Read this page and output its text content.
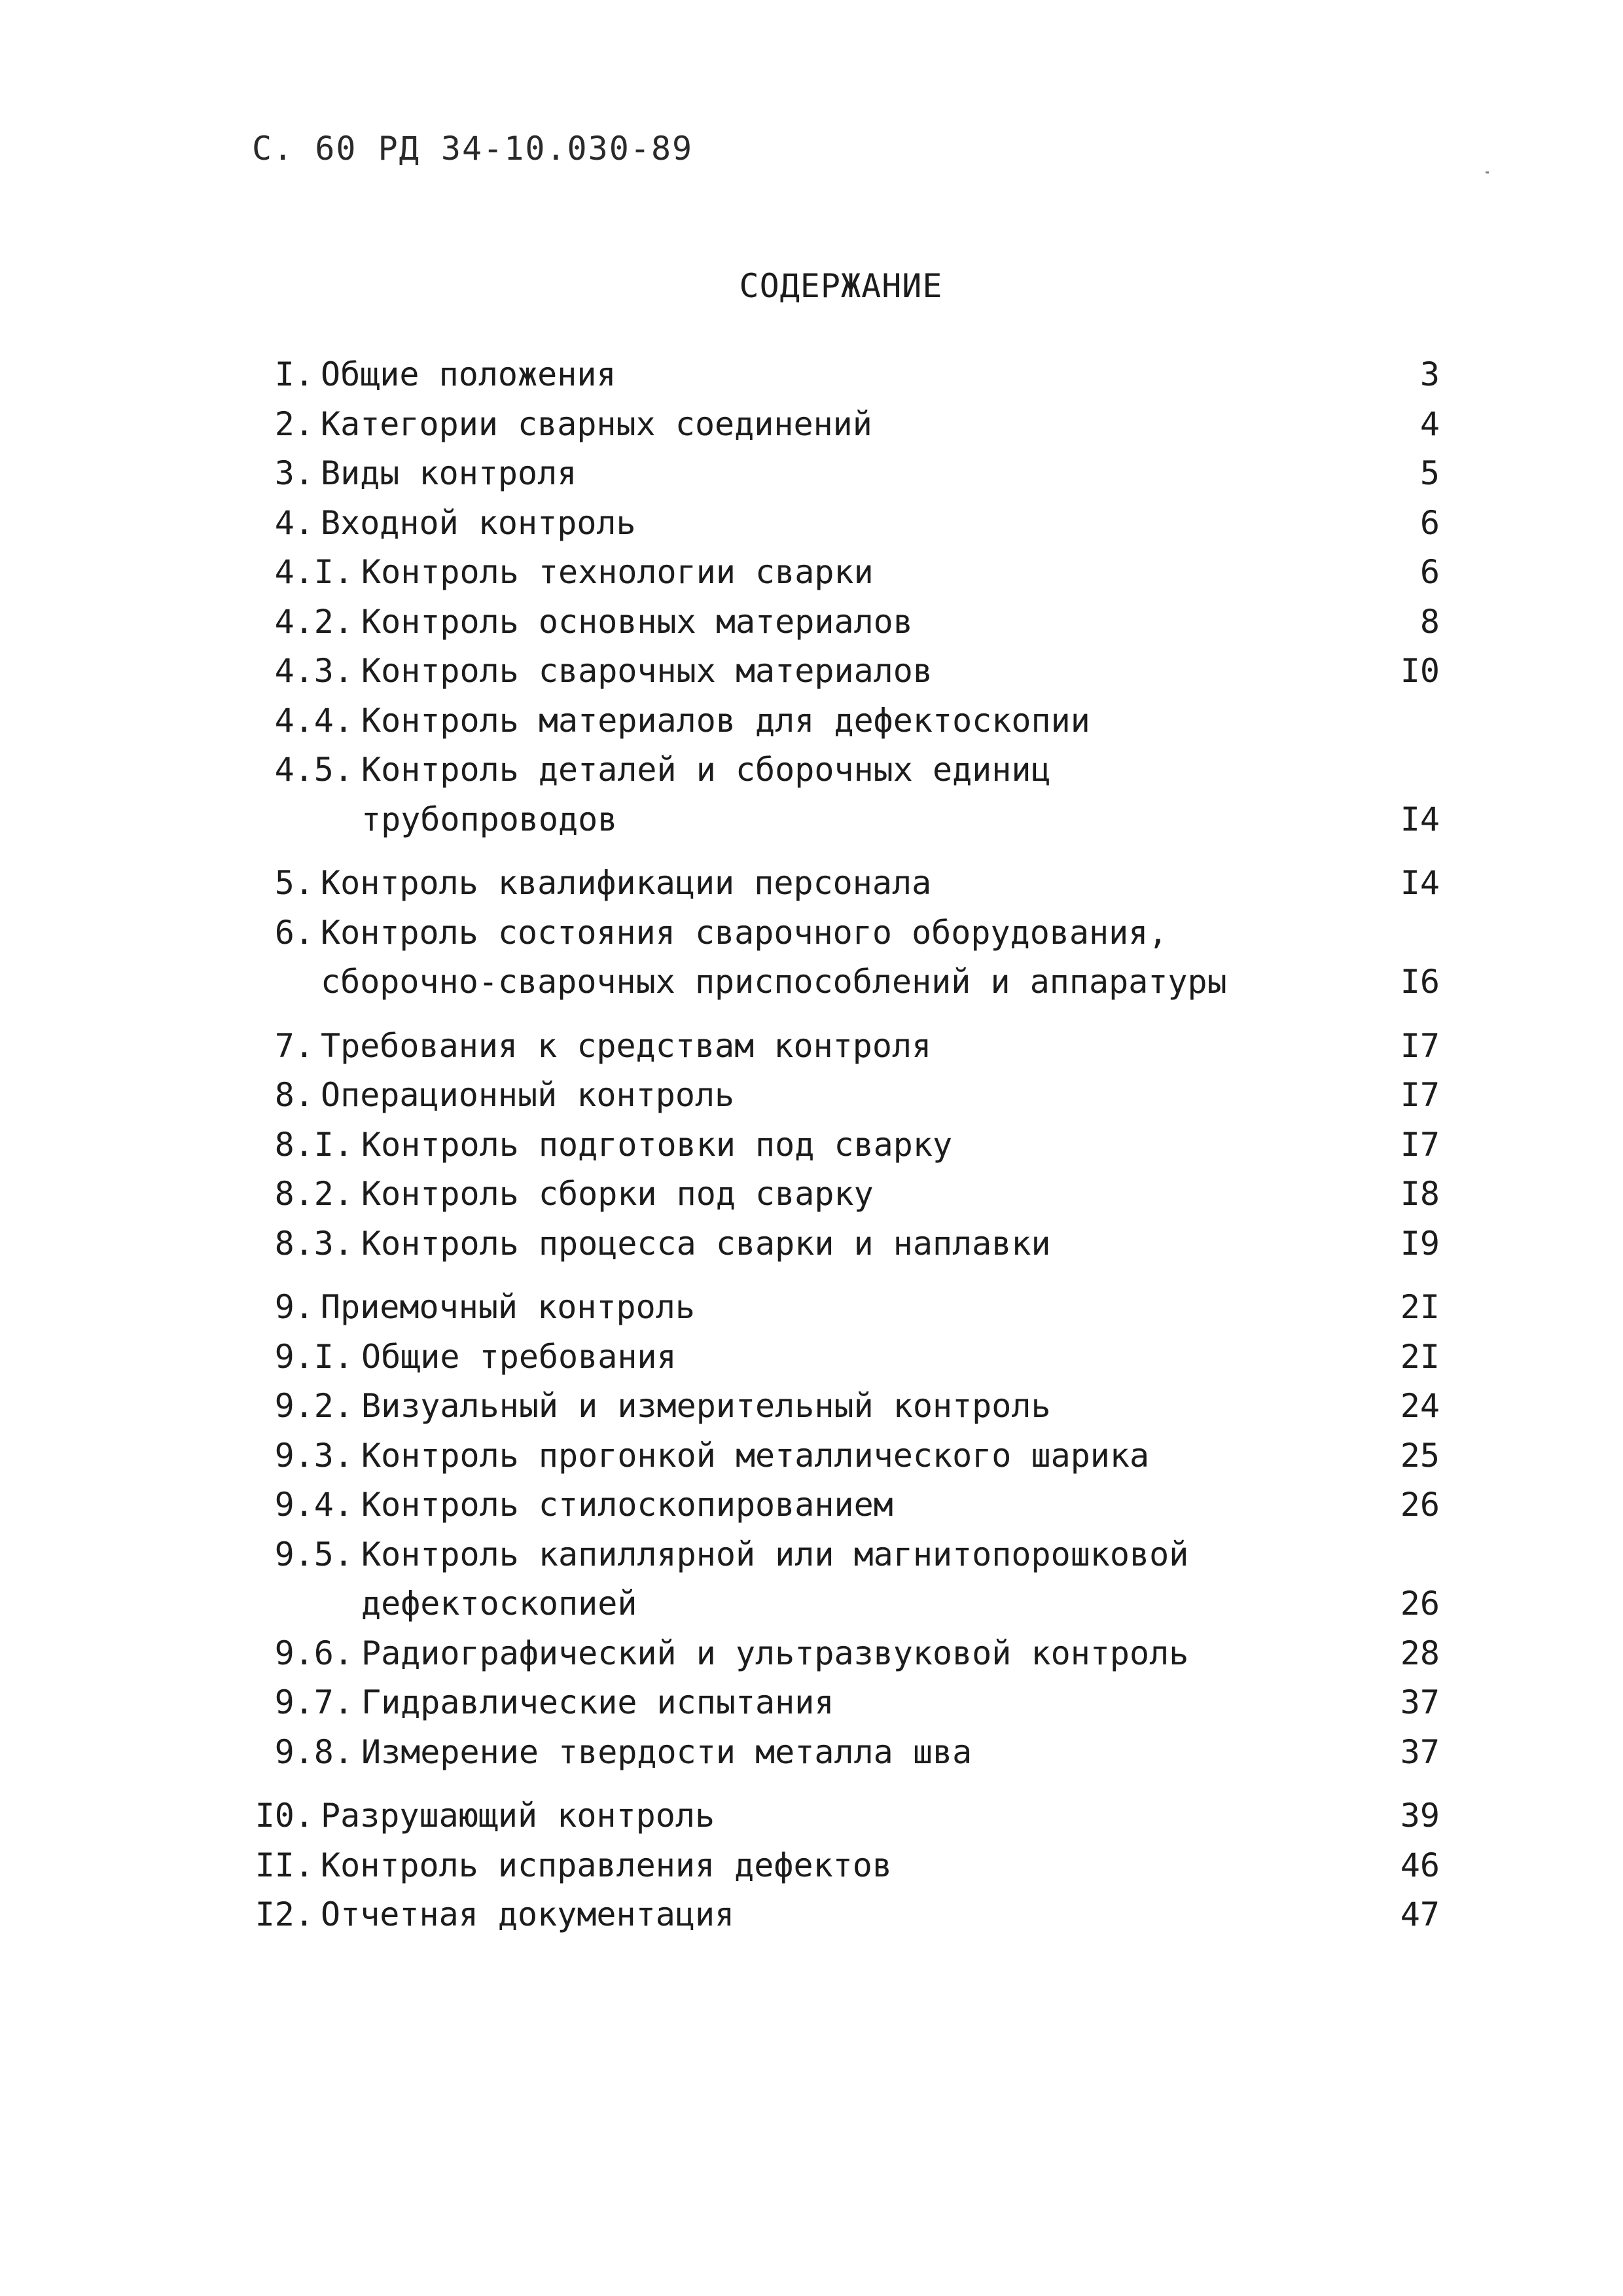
С. 60 РД 34-10.030-89
СОДЕРЖАНИЕ
I. Общие положения	3
2. Категории сварных соединений	4
3. Виды контроля	5
4. Входной контроль	6
4.I. Контроль технологии сварки	6
4.2. Контроль основных материалов	8
4.3. Контроль сварочных материалов	I0
4.4. Контроль материалов для дефектоскопии
4.5. Контроль деталей и сборочных единиц
трубопроводов	I4
5. Контроль квалификации персонала	I4
6. Контроль состояния сварочного оборудования,
сборочно-сварочных приспособлений и аппаратуры	I6
7. Требования к средствам контроля	I7
8. Операционный контроль	I7
8.I. Контроль подготовки под сварку	I7
8.2. Контроль сборки под сварку	I8
8.3. Контроль процесса сварки и наплавки	I9
9. Приемочный контроль	2I
9.I. Общие требования	2I
9.2. Визуальный и измерительный контроль	24
9.3. Контроль прогонкой металлического шарика	25
9.4. Контроль стилоскопированием	26
9.5. Контроль капиллярной или магнитопорошковой
дефектоскопией	26
9.6. Радиографический и ультразвуковой контроль	28
9.7. Гидравлические испытания	37
9.8. Измерение твердости металла шва	37
I0. Разрушающий контроль	39
II. Контроль исправления дефектов	46
I2. Отчетная документация	47
